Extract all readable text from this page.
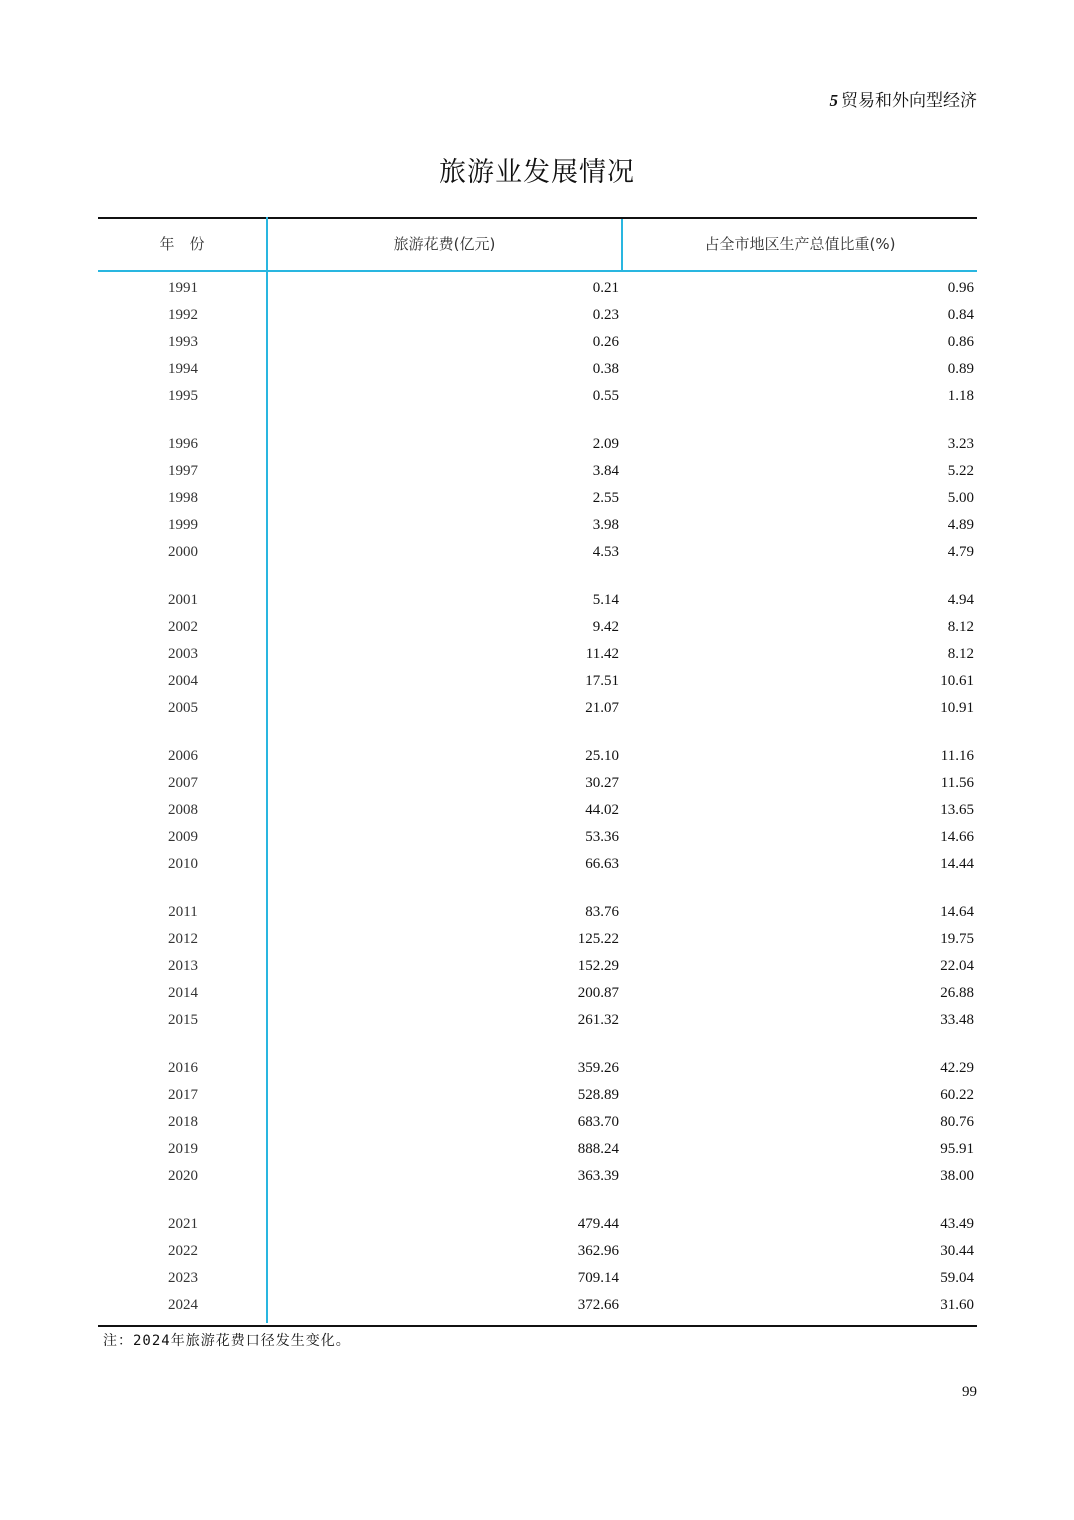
5 贸易和外向型经济
旅游业发展情况
年　份	旅游花费(亿元)	占全市地区生产总值比重(%)
1991	0.21	0.96
1992	0.23	0.84
1993	0.26	0.86
1994	0.38	0.89
1995	0.55	1.18
1996	2.09	3.23
1997	3.84	5.22
1998	2.55	5.00
1999	3.98	4.89
2000	4.53	4.79
2001	5.14	4.94
2002	9.42	8.12
2003	11.42	8.12
2004	17.51	10.61
2005	21.07	10.91
2006	25.10	11.16
2007	30.27	11.56
2008	44.02	13.65
2009	53.36	14.66
2010	66.63	14.44
2011	83.76	14.64
2012	125.22	19.75
2013	152.29	22.04
2014	200.87	26.88
2015	261.32	33.48
2016	359.26	42.29
2017	528.89	60.22
2018	683.70	80.76
2019	888.24	95.91
2020	363.39	38.00
2021	479.44	43.49
2022	362.96	30.44
2023	709.14	59.04
2024	372.66	31.60
注：2024年旅游花费口径发生变化。
99
